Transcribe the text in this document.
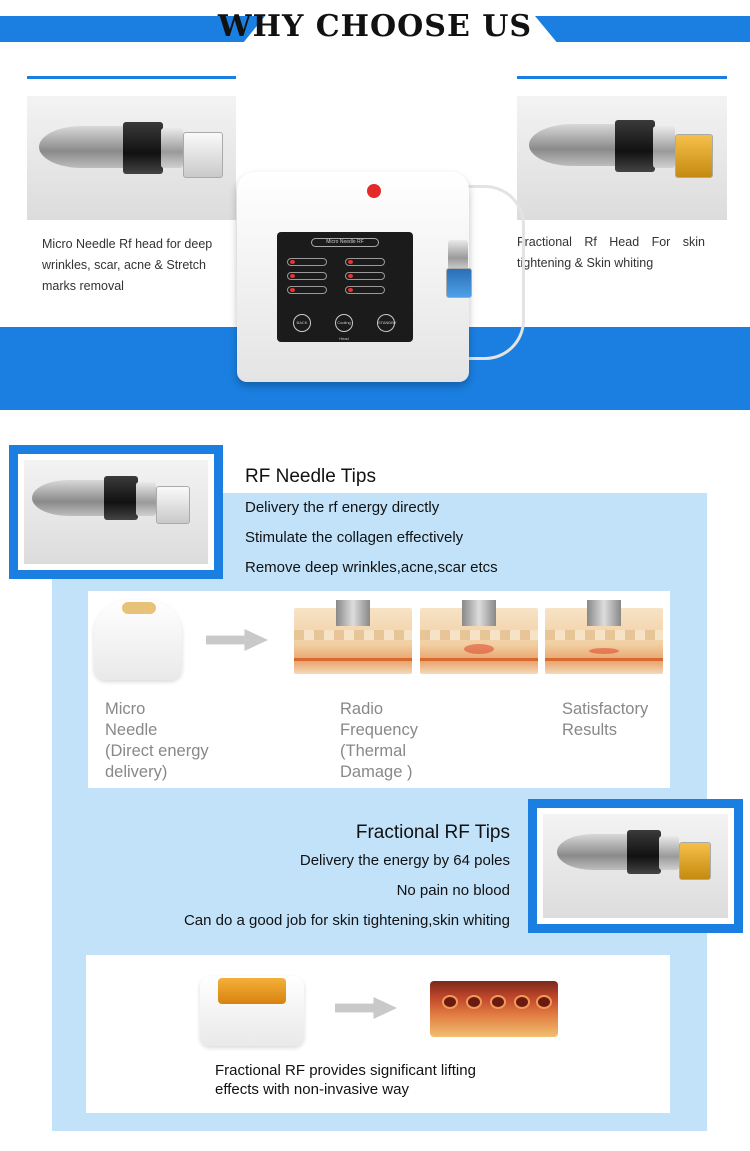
WHY CHOOSE US
Micro Needle Rf head for deep wrinkles, scar, acne & Stretch marks removal
Fractional Rf Head For skin tightening & Skin whiting
Micro Needle RF
BACK	Cooling Head
STANDBY
RF Needle Tips
Delivery the rf energy directly
Stimulate the collagen effectively
Remove deep wrinkles,acne,scar etcs
Micro
Needle
(Direct energy
delivery)
Radio
Frequency
(Thermal
Damage )
Satisfactory
Results
Fractional RF Tips
Delivery the energy by 64 poles
No pain no blood
Can do a good job for skin tightening,skin whiting
Fractional RF provides significant lifting
effects with non-invasive way
